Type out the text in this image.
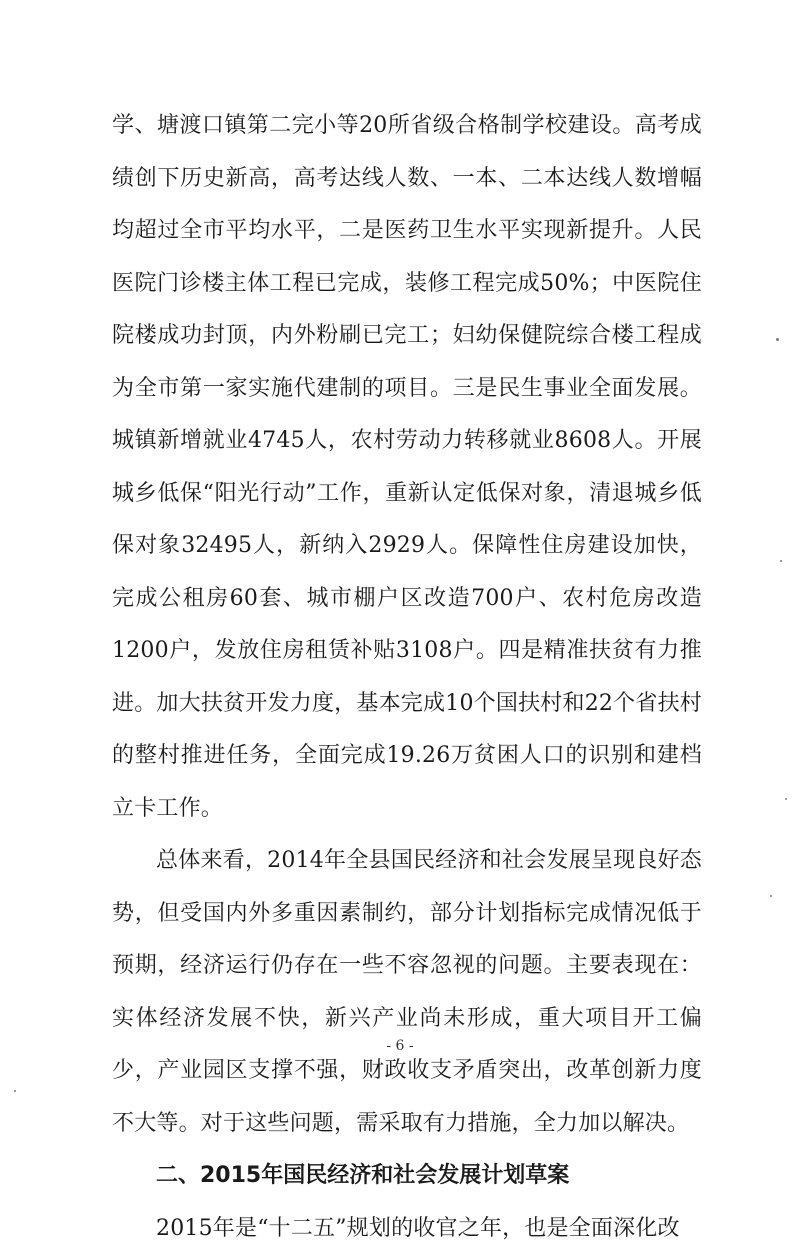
学、塘渡口镇第二完小等20所省级合格制学校建设。高考成绩创下历史新高，高考达线人数、一本、二本达线人数增幅均超过全市平均水平，二是医药卫生水平实现新提升。人民医院门诊楼主体工程已完成，装修工程完成50%；中医院住院楼成功封顶，内外粉刷已完工；妇幼保健院综合楼工程成为全市第一家实施代建制的项目。三是民生事业全面发展。城镇新增就业4745人，农村劳动力转移就业8608人。开展城乡低保“阳光行动”工作，重新认定低保对象，清退城乡低保对象32495人，新纳入2929人。保障性住房建设加快，完成公租房60套、城市棚户区改造700户、农村危房改造1200户，发放住房租赁补贴3108户。四是精准扶贫有力推进。加大扶贫开发力度，基本完成10个国扶村和22个省扶村的整村推进任务，全面完成19.26万贫困人口的识别和建档立卡工作。

总体来看，2014年全县国民经济和社会发展呈现良好态势，但受国内外多重因素制约，部分计划指标完成情况低于预期，经济运行仍存在一些不容忽视的问题。主要表现在：实体经济发展不快，新兴产业尚未形成，重大项目开工偏少，产业园区支撑不强，财政收支矛盾突出，改革创新力度不大等。对于这些问题，需采取有力措施，全力加以解决。

二、2015年国民经济和社会发展计划草案

2015年是“十二五”规划的收官之年，也是全面深化改

- 6 -
